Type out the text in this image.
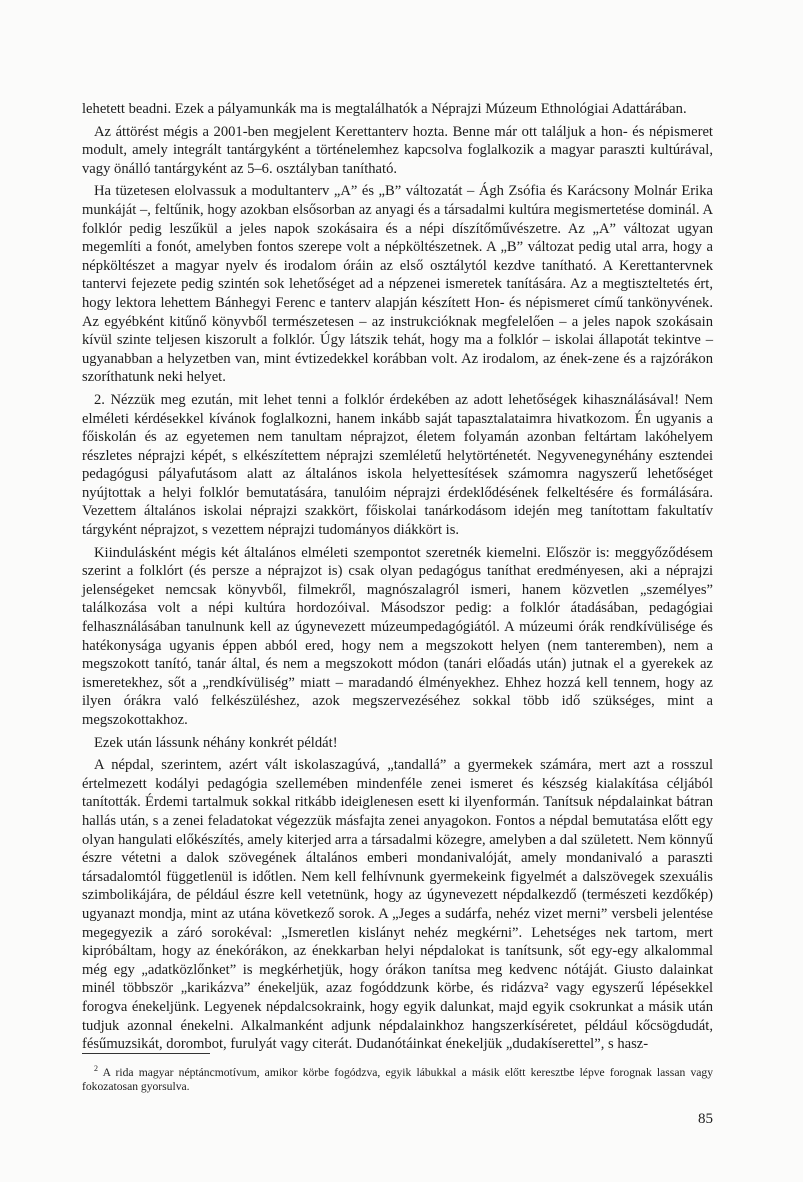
lehetett beadni. Ezek a pályamunkák ma is megtalálhatók a Néprajzi Múzeum Ethnológiai Adattárában.

Az áttörést mégis a 2001-ben megjelent Kerettanterv hozta. Benne már ott találjuk a hon- és népismeret modult, amely integrált tantárgyként a történelemhez kapcsolva foglalkozik a magyar paraszti kultúrával, vagy önálló tantárgyként az 5–6. osztályban tanítható.

Ha tüzetesen elolvassuk a modultanterv „A” és „B” változatát – Ágh Zsófia és Karácsony Molnár Erika munkáját –, feltűnik, hogy azokban elsősorban az anyagi és a társadalmi kultúra megismertetése dominál. A folklór pedig leszűkül a jeles napok szokásaira és a népi díszítőművészetre. Az „A” változat ugyan megemlíti a fonót, amelyben fontos szerepe volt a népköltészetnek. A „B” változat pedig utal arra, hogy a népköltészet a magyar nyelv és irodalom óráin az első osztálytól kezdve tanítható. A Kerettantervnek tantervi fejezete pedig szintén sok lehetőséget ad a népzenei ismeretek tanítására. Az a megtiszteltetés ért, hogy lektora lehettem Bánhegyi Ferenc e tanterv alapján készített Hon- és népismeret című tankönyvének. Az egyébként kitűnő könyvből természetesen – az instrukcióknak megfelelően – a jeles napok szokásain kívül szinte teljesen kiszorult a folklór. Úgy látszik tehát, hogy ma a folklór – iskolai állapotát tekintve – ugyanabban a helyzetben van, mint évtizedekkel korábban volt. Az irodalom, az ének-zene és a rajzórákon szoríthatunk neki helyet.

2. Nézzük meg ezután, mit lehet tenni a folklór érdekében az adott lehetőségek kihasználásával! Nem elméleti kérdésekkel kívánok foglalkozni, hanem inkább saját tapasztalataimra hivatkozom. Én ugyanis a főiskolán és az egyetemen nem tanultam néprajzot, életem folyamán azonban feltártam lakóhelyem részletes néprajzi képét, s elkészítettem néprajzi szemléletű helytörténetét. Negyvenegynéhány esztendei pedagógusi pályafutásom alatt az általános iskola helyettesítések számomra nagyszerű lehetőséget nyújtottak a helyi folklór bemutatására, tanulóim néprajzi érdeklődésének felkeltésére és formálására. Vezettem általános iskolai néprajzi szakkört, főiskolai tanárkodásom idején meg tanítottam fakultatív tárgyként néprajzot, s vezettem néprajzi tudományos diákkört is.

Kiindulásként mégis két általános elméleti szempontot szeretnék kiemelni. Először is: meggyőződésem szerint a folklórt (és persze a néprajzot is) csak olyan pedagógus taníthat eredményesen, aki a néprajzi jelenségeket nemcsak könyvből, filmekről, magnószalagról ismeri, hanem közvetlen „személyes” találkozása volt a népi kultúra hordozóival. Másodszor pedig: a folklór átadásában, pedagógiai felhasználásában tanulnunk kell az úgynevezett múzeumpedagógiától. A múzeumi órák rendkívülisége és hatékonysága ugyanis éppen abból ered, hogy nem a megszokott helyen (nem tanteremben), nem a megszokott tanító, tanár által, és nem a megszokott módon (tanári előadás után) jutnak el a gyerekek az ismeretekhez, sőt a „rendkívüliség” miatt – maradandó élményekhez. Ehhez hozzá kell tennem, hogy az ilyen órákra való felkészüléshez, azok megszervezéséhez sokkal több idő szükséges, mint a megszokottakhoz.

Ezek után lássunk néhány konkrét példát!

A népdal, szerintem, azért vált iskolaszagúvá, „tandallá” a gyermekek számára, mert azt a rosszul értelmezett kodályi pedagógia szellemében mindenféle zenei ismeret és készség kialakítása céljából tanították. Érdemi tartalmuk sokkal ritkább ideiglenesen esett ki ilyenformán. Tanítsuk népdalainkat bátran hallás után, s a zenei feladatokat végezzük másfajta zenei anyagokon. Fontos a népdal bemutatása előtt egy olyan hangulati előkészítés, amely kiterjed arra a társadalmi közegre, amelyben a dal született. Nem könnyű észre vétetni a dalok szövegének általános emberi mondanivalóját, amely mondanivaló a paraszti társadalomtól függetlenül is időtlen. Nem kell felhívnunk gyermekeink figyelmét a dalszövegek szexuális szimbolikájára, de például észre kell vetetnünk, hogy az úgynevezett népdalkezdő (természeti kezdőkép) ugyanazt mondja, mint az utána következő sorok. A „Jeges a sudárfa, nehéz vizet merni” versbeli jelentése megegyezik a záró sorokéval: „Ismeretlen kislányt nehéz megkérni”. Lehetséges nek tartom, mert kipróbáltam, hogy az énekórákon, az énekkarban helyi népdalokat is tanítsunk, sőt egy-egy alkalommal még egy „adatközlőnket” is megkérhetjük, hogy órákon tanítsa meg kedvenc nótáját. Giusto dalainkat minél többször „karikázva” énekeljük, azaz fogóddzunk körbe, és ridázva² vagy egyszerű lépésekkel forogva énekeljünk. Legyenek népdalcsokraink, hogy egyik dalunkat, majd egyik csokrunkat a másik után tudjuk azonnal énekelni. Alkalmanként adjunk népdalainkhoz hangszerkíséretet, például kőcsögdudát, fésűmuzsikát, dorombot, furulyát vagy citerát. Dudanótáinkat énekeljük „dudakíserettel”, s hasz-

$^2$ A rida magyar néptáncmotívum, amikor körbe fogódzva, egyik lábukkal a másik előtt keresztbe lépve forognak lassan vagy fokozatosan gyorsulva.
85
